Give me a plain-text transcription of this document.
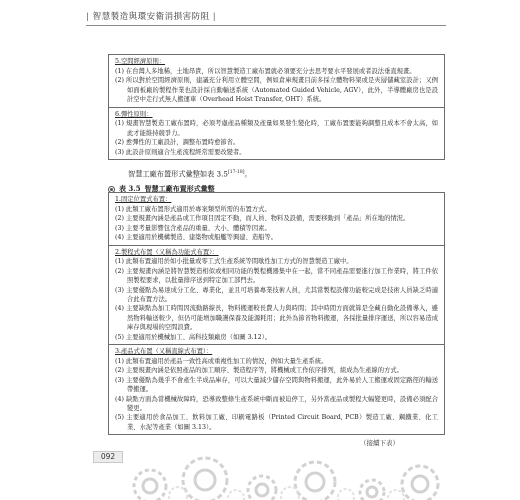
| 智慧製造與環安衛消損害防阻 |
5.空間經濟原則：
(1) 在台灣人多地稀，土地昂貴，所以智慧製造工廠布置就必須要充分去思考要水平發展或者設法垂直規畫。
(2) 所以對於空間經濟原則，建議充分利用立體空間，例如倉庫規畫目前多採立體物料架或是夾層儲藏室設計；又例如面板廠的製程作業也設計採自動輸送系統（Automated Guided Vehicle, AGV），此外，半導體廠房也是設計空中走行式無人搬運車（Overhead Hoist Transfer, OHT）系統。
6.彈性原則：
(1) 規畫智慧製造工廠布置時，必須考慮產品種類及產量如果發生變化時，工廠布置要能夠調整且成本不會太高，如此才能維持競爭力。
(2) 愈彈性的工廠設計，調整布置時愈節省。
(3) 此設計原則適合生產流程經常需要改變者。
智慧工廠布置形式彙整如表 3.5[17-18]。
表 3.5 智慧工廠布置形式彙整
1.固定位置式布置：
(1) 此類工廠布置形式適用於專案類型所需的布置方式。
(2) 主要規畫內涵是產品或工作項目固定不動，而人員、物料及設備，需要移動到「產品」所在地的情況。
(3) 主要考量影響包含產品的重量、大小、體積等因素。
(4) 主要適用於機構製造、建築物或船艦等興建、造船等。
2.製程式布置（又稱為功能式布置）：
(1) 此類布置適用於如小批量或零工式生產系統等間歇性加工方式的智慧製造工廠中。
(2) 主要規畫內涵是將智慧製造相似或相同功能的製程機器集中在一起，當不同產品需要進行加工作業時，將工件依照製程要求，以批量排序送到特定加工部門去。
(3) 主要優點為易達成分工化、專業化，並且可培養專業技術人員，尤其當製程設備功能較完成是技術人員缺乏時適合此布置方法。
(4) 主要缺點為加工時間因流動路線長，物料搬運較長費人力與時間；其中時間方面就算是全藏自動化設備導入，雖然物料輸送較少，但仍可能增加職護保養及能源耗用；此外為節省物料搬運，各採批量排序運送，所以容易造成庫存與現場的空間浪費。
(5) 主要適用於機械加工、高科技類廠房（如圖 3.12）。
3.產品式布置（又稱直線式布置）：
(1) 此類布置適用於產品一致性高或重複性加工的情況，例如大量生產系統。
(2) 主要規畫內涵是依照產品的加工順序、製造程序等，將機械或工作依序排列，組成為生產線的方式。
(3) 主要優點為幾乎不會產生半成品庫存，可以大量減少儲存空間與物料搬運，此外易於人工搬運或固定路徑的輸送帶搬運。
(4) 缺點方面為當機械故障時，恐導致整條生產系統中斷而被迫停工，另外當產品或製程大幅變更時，設備必須配合變更。
(5) 主要適用於食品加工、飲料加工廠、印刷電路板（Printed Circuit Board, PCB）製造工廠、鋼鐵業、化工業、水泥等產業（如圖 3.13）。
（接續下表）
092
